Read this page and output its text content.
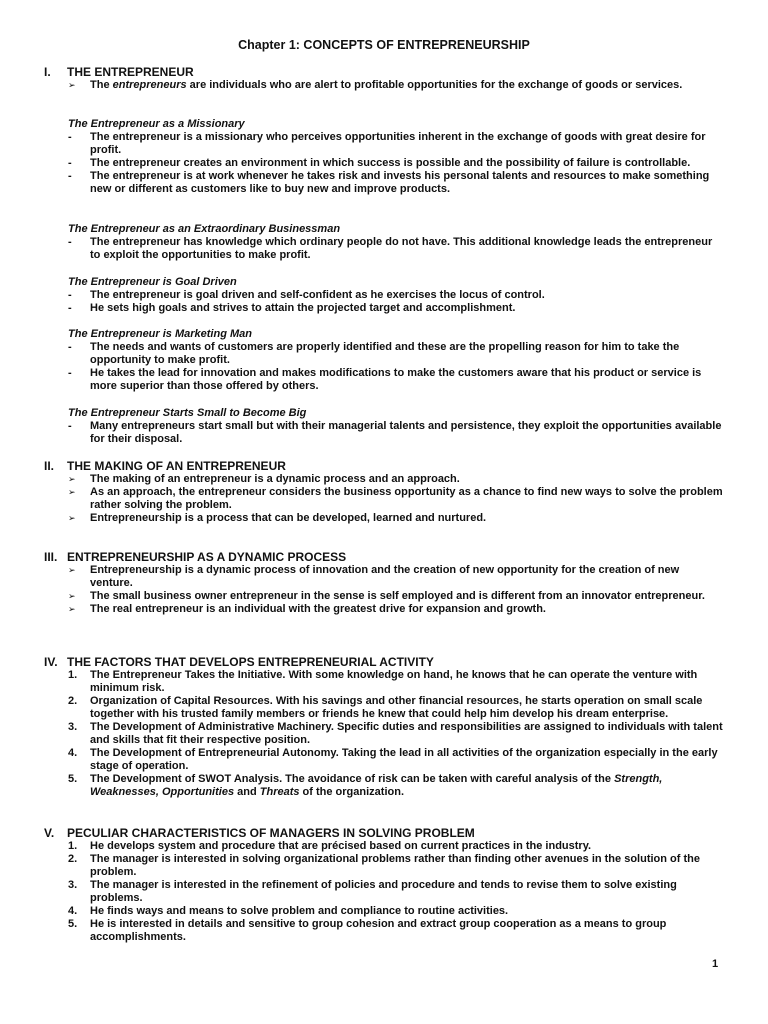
Chapter 1: CONCEPTS OF ENTREPRENEURSHIP
I. THE ENTREPRENEUR
➢	The entrepreneurs are individuals who are alert to profitable opportunities for the exchange of goods or services.
The Entrepreneur as a Missionary
-	The entrepreneur is a missionary who perceives opportunities inherent in the exchange of goods with great desire for profit.
-	The entrepreneur creates an environment in which success is possible and the possibility of failure is controllable.
-	The entrepreneur is at work whenever he takes risk and invests his personal talents and resources to make something new or different as customers like to buy new and improve products.
The Entrepreneur as an Extraordinary Businessman
-	The entrepreneur has knowledge which ordinary people do not have. This additional knowledge leads the entrepreneur to exploit the opportunities to make profit.
The Entrepreneur is Goal Driven
-	The entrepreneur is goal driven and self-confident as he exercises the locus of control.
-	He sets high goals and strives to attain the projected target and accomplishment.
The Entrepreneur is Marketing Man
-	The needs and wants of customers are properly identified and these are the propelling reason for him to take the opportunity to make profit.
-	He takes the lead for innovation and makes modifications to make the customers aware that his product or service is more superior than those offered by others.
The Entrepreneur Starts Small to Become Big
-	Many entrepreneurs start small but with their managerial talents and persistence, they exploit the opportunities available for their disposal.
II. THE MAKING OF AN ENTREPRENEUR
➢	The making of an entrepreneur is a dynamic process and an approach.
➢	As an approach, the entrepreneur considers the business opportunity as a chance to find new ways to solve the problem rather solving the problem.
➢	Entrepreneurship is a process that can be developed, learned and nurtured.
III. ENTREPRENEURSHIP AS A DYNAMIC PROCESS
➢	Entrepreneurship is a dynamic process of innovation and the creation of new opportunity for the creation of new venture.
➢	The small business owner entrepreneur in the sense is self employed and is different from an innovator entrepreneur.
➢	The real entrepreneur is an individual with the greatest drive for expansion and growth.
IV. THE FACTORS THAT DEVELOPS ENTREPRENEURIAL ACTIVITY
1.	The Entrepreneur Takes the Initiative. With some knowledge on hand, he knows that he can operate the venture with minimum risk.
2.	Organization of Capital Resources. With his savings and other financial resources, he starts operation on small scale together with his trusted family members or friends he knew that could help him develop his dream enterprise.
3.	The Development of Administrative Machinery. Specific duties and responsibilities are assigned to individuals with talent and skills that fit their respective position.
4.	The Development of Entrepreneurial Autonomy. Taking the lead in all activities of the organization especially in the early stage of operation.
5.	The Development of SWOT Analysis. The avoidance of risk can be taken with careful analysis of the Strength, Weaknesses, Opportunities and Threats of the organization.
V. PECULIAR CHARACTERISTICS OF MANAGERS IN SOLVING PROBLEM
1.	He develops system and procedure that are précised based on current practices in the industry.
2.	The manager is interested in solving organizational problems rather than finding other avenues in the solution of the problem.
3.	The manager is interested in the refinement of policies and procedure and tends to revise them to solve existing problems.
4.	He finds ways and means to solve problem and compliance to routine activities.
5.	He is interested in details and sensitive to group cohesion and extract group cooperation as a means to group accomplishments.
1
